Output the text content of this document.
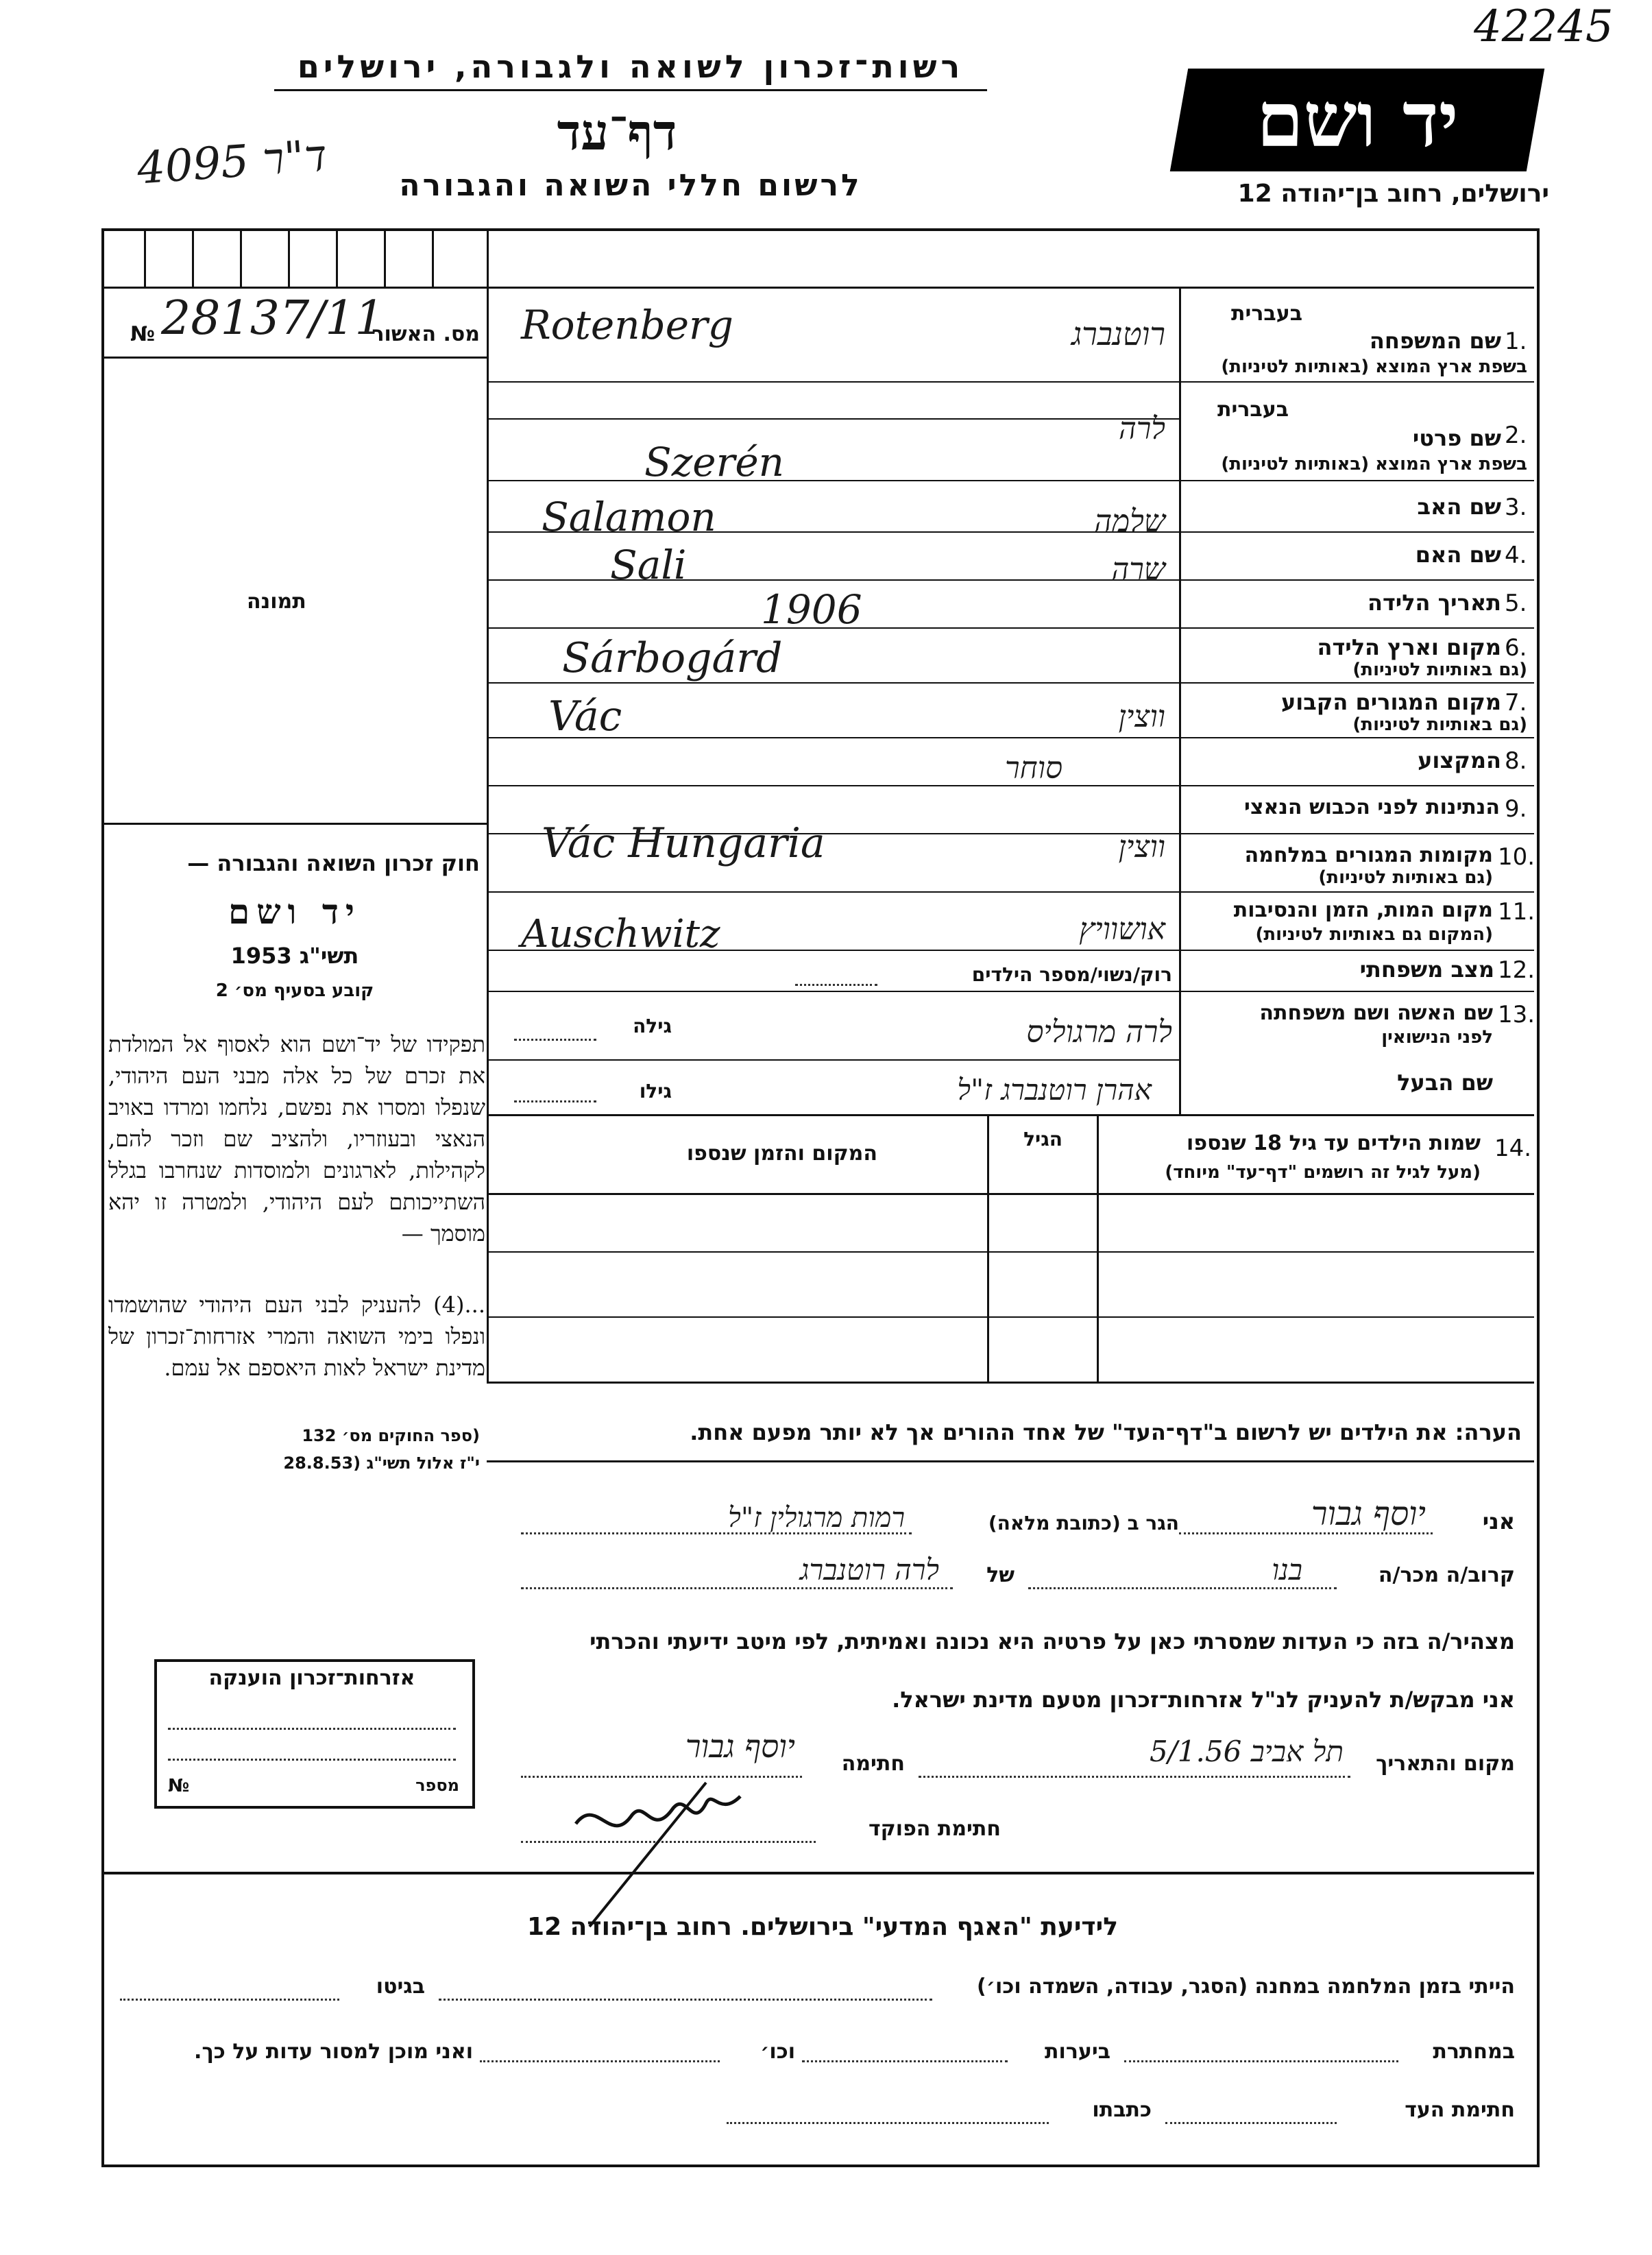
42245
רשות־זכרון לשואה ולגבורה, ירושלים
דף־עד
4095 ד"ר	לרשום חללי השואה והגבורה
יד ושם
ירושלים, רחוב בן־יהודה 12
№ 28137/11
מס. האשור
תמונה
חוק זכרון השואה והגבורה —
יד ושם
תשי"ג 1953
קובע בסעיף מס׳ 2
תפקידו של יד־ושם הוא לאסוף אל המולדת את זכרם של כל אלה מבני העם היהודי, שנפלו ומסרו את נפשם, נלחמו ומרדו באויב הנאצי ובעוזריו, ולהציב שם וזכר להם, לקהילות, לארגונים ולמוסדות שנחרבו בגלל השתייכותם לעם היהודי, ולמטרה זו יהא מוסמך —
...(4) להעניק לבני העם היהודי שהושמדו ונפלו בימי השואה והמרי אזרחות־זכרון של מדינת ישראל לאות היאספם אל עמם.
(ספר החוקים מס׳ 132
י"ז אלול תשי"ג (28.8.53
1.
בעברית
שם המשפחה
בשפת ארץ המוצא (באותיות לטיניות)
Rotenberg	רוטנברג
2.
בעברית
שם פרטי
בשפת ארץ המוצא (באותיות לטיניות)
לרה
Szerén
3.
שם האב
Salamon	שלמה
4.
שם האם
Sali	שרה
5.
תאריך הלידה
1906
6.
מקום וארץ הלידה
(גם באותיות לטיניות)
Sárbogárd
7.
מקום המגורים הקבוע
(גם באותיות לטיניות)
Vác	ווצין
8.
המקצוע
סוחר
9.
הנתינות לפני הכבוש הנאצי
10.
מקומות המגורים במלחמה
(גם באותיות לטיניות)
Vác Hungaria	ווצין
11.
מקום המות, הזמן והנסיבות
(המקום גם באותיות לטיניות)
Auschwitz	אושוויץ
12.
מצב משפחתי
רוק/נשוי/מספר הילדים
13.
שם האשה ושם משפחתה
לפני הנישואין
שם הבעל
גילה
גילו
לרה מרגוליס
אהרן רוטנברג ז"ל
14.
שמות הילדים עד גיל 18 שנספו
(מעל לגיל זה רושמים "דף־עד" מיוחד)
הגיל
המקום והזמן שנספו
הערה: את הילדים יש לרשום ב"דף־העד" של אחד ההורים אך לא יותר מפעם אחת.
אני
יוסף גבור
הגר ב (כתובת מלאה)
רמות מרגולין ז"ל
קרוב/ה מכר/ה
בנו
של
לרה רוטנברג
מצהיר/ה בזה כי העדות שמסרתי כאן על פרטיה היא נכונה ואמיתית, לפי מיטב ידיעתי והכרתי
אני מבקש/ת להעניק לנ"ל אזרחות־זכרון מטעם מדינת ישראל.
מקום והתאריך
תל אביב 5/1.56
חתימה
יוסף גבור
חתימת הפוקד
אזרחות־זכרון הוענקה
№	מספר
לידיעת "האגף המדעי" בירושלים. רחוב בן־יהודה 12
הייתי בזמן המלחמה במחנה (הסגר, עבודה, השמדה וכו׳)
בגיטו
במחתרת
ביערות
וכו׳
ואני מוכן למסור עדות על כך.
חתימת העד
כתבתו
